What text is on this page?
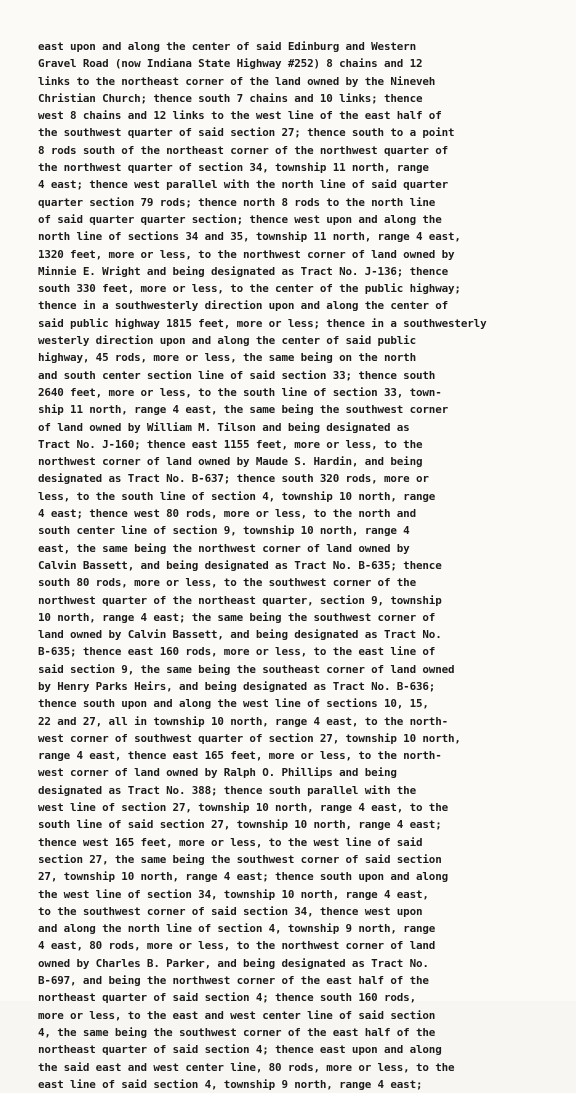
east upon and along the center of said Edinburg and Western
Gravel Road (now Indiana State Highway #252) 8 chains and 12
links to the northeast corner of the land owned by the Nineveh
Christian Church; thence south 7 chains and 10 links; thence
west 8 chains and 12 links to the west line of the east half of
the southwest quarter of said section 27; thence south to a point
8 rods south of the northeast corner of the northwest quarter of
the northwest quarter of section 34, township 11 north, range
4 east; thence west parallel with the north line of said quarter
quarter section 79 rods; thence north 8 rods to the north line
of said quarter quarter section; thence west upon and along the
north line of sections 34 and 35, township 11 north, range 4 east,
1320 feet, more or less, to the northwest corner of land owned by
Minnie E. Wright and being designated as Tract No. J-136; thence
south 330 feet, more or less, to the center of the public highway;
thence in a southwesterly direction upon and along the center of
said public highway 1815 feet, more or less; thence in a southwesterly
westerly direction upon and along the center of said public
highway, 45 rods, more or less, the same being on the north
and south center section line of said section 33; thence south
2640 feet, more or less, to the south line of section 33, town-
ship 11 north, range 4 east, the same being the southwest corner
of land owned by William M. Tilson and being designated as
Tract No. J-160; thence east 1155 feet, more or less, to the
northwest corner of land owned by Maude S. Hardin, and being
designated as Tract No. B-637; thence south 320 rods, more or
less, to the south line of section 4, township 10 north, range
4 east; thence west 80 rods, more or less, to the north and
south center line of section 9, township 10 north, range 4
east, the same being the northwest corner of land owned by
Calvin Bassett, and being designated as Tract No. B-635; thence
south 80 rods, more or less, to the southwest corner of the
northwest quarter of the northeast quarter, section 9, township
10 north, range 4 east; the same being the southwest corner of
land owned by Calvin Bassett, and being designated as Tract No.
B-635; thence east 160 rods, more or less, to the east line of
said section 9, the same being the southeast corner of land owned
by Henry Parks Heirs, and being designated as Tract No. B-636;
thence south upon and along the west line of sections 10, 15,
22 and 27, all in township 10 north, range 4 east, to the north-
west corner of southwest quarter of section 27, township 10 north,
range 4 east, thence east 165 feet, more or less, to the north-
west corner of land owned by Ralph O. Phillips and being
designated as Tract No. 388; thence south parallel with the
west line of section 27, township 10 north, range 4 east, to the
south line of said section 27, township 10 north, range 4 east;
thence west 165 feet, more or less, to the west line of said
section 27, the same being the southwest corner of said section
27, township 10 north, range 4 east; thence south upon and along
the west line of section 34, township 10 north, range 4 east,
to the southwest corner of said section 34, thence west upon
and along the north line of section 4, township 9 north, range
4 east, 80 rods, more or less, to the northwest corner of land
owned by Charles B. Parker, and being designated as Tract No.
B-697, and being the northwest corner of the east half of the
northeast quarter of said section 4; thence south 160 rods,
more or less, to the east and west center line of said section
4, the same being the southwest corner of the east half of the
northeast quarter of said section 4; thence east upon and along
the said east and west center line, 80 rods, more or less, to the
east line of said section 4, township 9 north, range 4 east;
